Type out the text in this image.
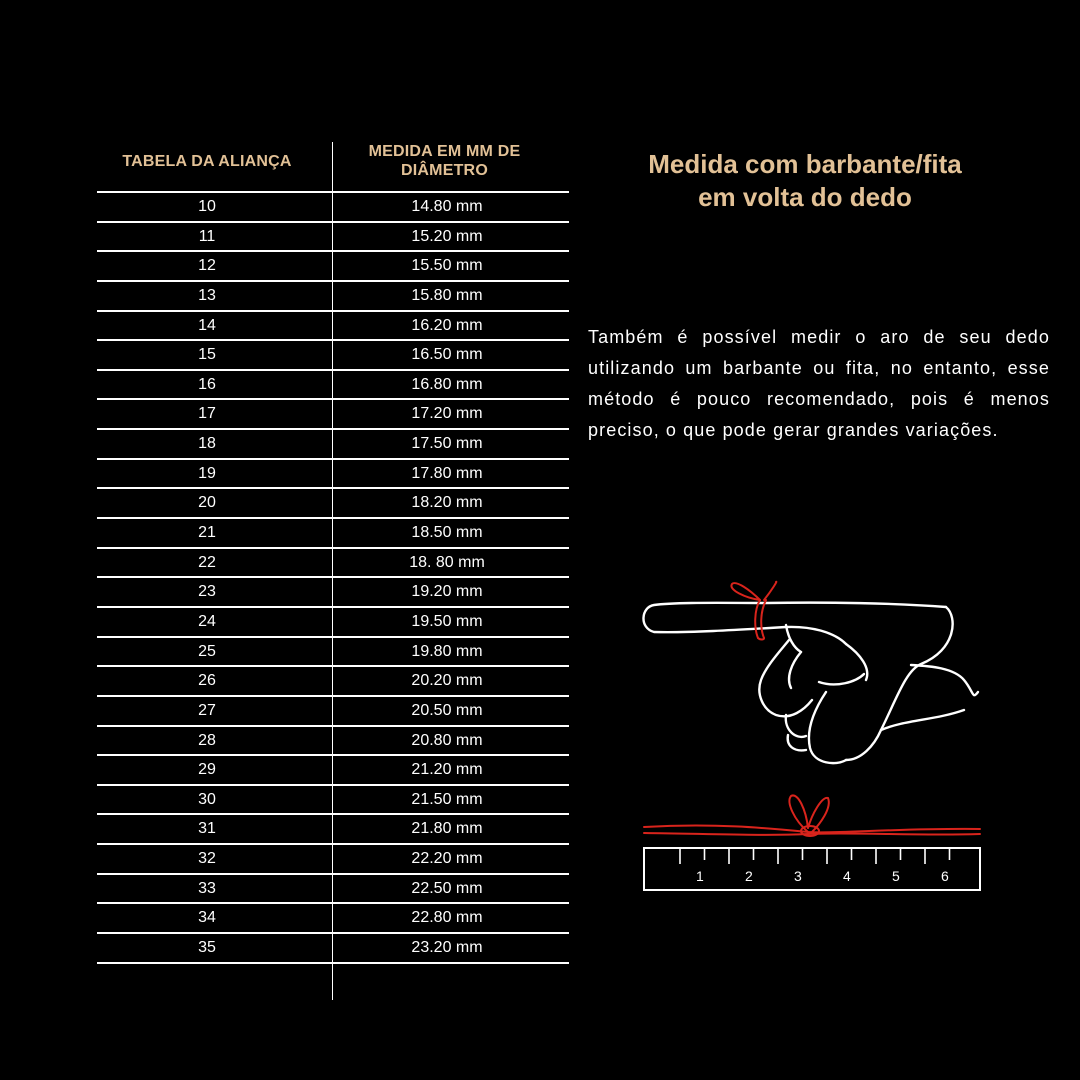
TABELA DA ALIANÇA
MEDIDA EM MM DE
DIÂMETRO
10	14.80 mm
11	15.20 mm
12	15.50 mm
13	15.80 mm
14	16.20 mm
15	16.50 mm
16	16.80 mm
17	17.20 mm
18	17.50 mm
19	17.80 mm
20	18.20 mm
21	18.50 mm
22	18. 80 mm
23	19.20 mm
24	19.50 mm
25	19.80 mm
26	20.20 mm
27	20.50 mm
28	20.80 mm
29	21.20 mm
30	21.50 mm
31	21.80 mm
32	22.20 mm
33	22.50 mm
34	22.80 mm
35	23.20 mm
Medida com barbante/fita
em volta do dedo
Também é possível medir o aro de seu dedo utilizando um barbante ou fita, no entanto, esse método é pouco recomendado, pois é menos preciso, o que pode gerar grandes variações.
1	2	3	4	5	6
